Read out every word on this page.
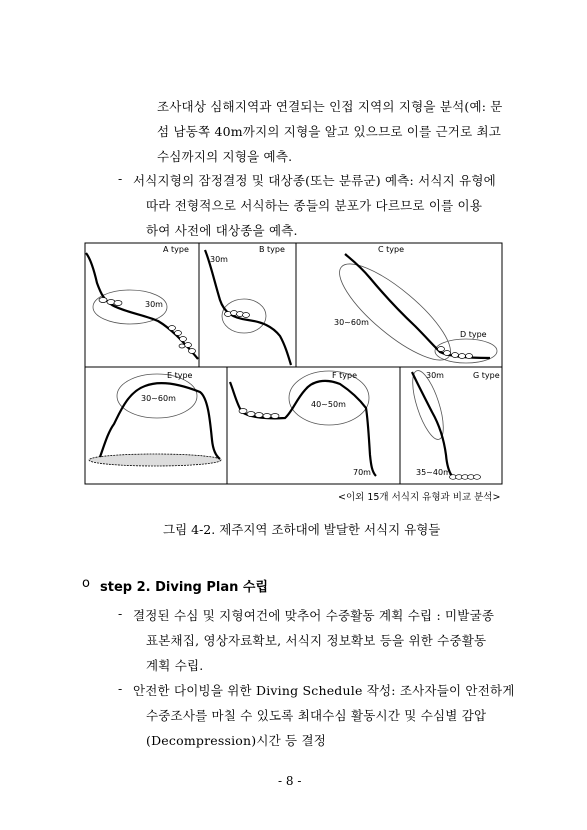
조사대상 심해지역과 연결되는 인접 지역의 지형을 분석(예: 문
섬 남동쪽 40m까지의 지형을 알고 있으므로 이를 근거로 최고
수심까지의 지형을 예측.
- 서식지형의 잠정결정 및 대상종(또는 분류군) 예측: 서식지 유형에
따라 전형적으로 서식하는 종들의 분포가 다르므로 이를 이용
하여 사전에 대상종을 예측.
A type
30m
B type
30m
C type
30~60m
D type
E type
30~60m
F type
40~50m
70m
G type
30m
35~40m
<이외 15개 서식지 유형과 비교 분석>
그림 4-2. 제주지역 조하대에 발달한 서식지 유형들
o step 2. Diving Plan 수립
- 결정된 수심 및 지형여건에 맞추어 수중활동 계획 수립 : 미발굴종
표본채집, 영상자료확보, 서식지 정보확보 등을 위한 수중활동
계획 수립.
- 안전한 다이빙을 위한 Diving Schedule 작성: 조사자들이 안전하게
수중조사를 마칠 수 있도록 최대수심 활동시간 및 수심별 감압
(Decompression)시간 등 결정
- 8 -
